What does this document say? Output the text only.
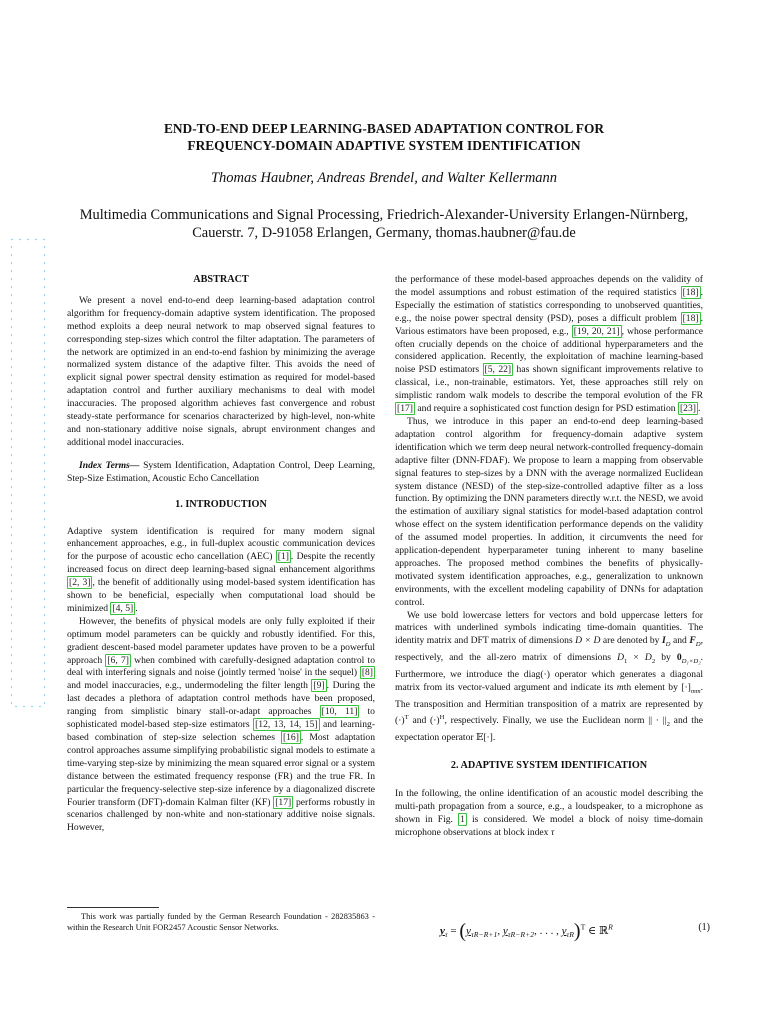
END-TO-END DEEP LEARNING-BASED ADAPTATION CONTROL FOR
FREQUENCY-DOMAIN ADAPTIVE SYSTEM IDENTIFICATION
Thomas Haubner, Andreas Brendel, and Walter Kellermann
Multimedia Communications and Signal Processing, Friedrich-Alexander-University Erlangen-Nürnberg,
Cauerstr. 7, D-91058 Erlangen, Germany, thomas.haubner@fau.de
ABSTRACT

We present a novel end-to-end deep learning-based adaptation control algorithm for frequency-domain adaptive system identification. The proposed method exploits a deep neural network to map observed signal features to corresponding step-sizes which control the filter adaptation. The parameters of the network are optimized in an end-to-end fashion by minimizing the average normalized system distance of the adaptive filter. This avoids the need of explicit signal power spectral density estimation as required for model-based adaptation control and further auxiliary mechanisms to deal with model inaccuracies. The proposed algorithm achieves fast convergence and robust steady-state performance for scenarios characterized by high-level, non-white and non-stationary additive noise signals, abrupt environment changes and additional model inaccuracies.

Index Terms— System Identification, Adaptation Control, Deep Learning, Step-Size Estimation, Acoustic Echo Cancellation

1. INTRODUCTION

Adaptive system identification is required for many modern signal enhancement approaches, e.g., in full-duplex acoustic communication devices for the purpose of acoustic echo cancellation (AEC) [1] . Despite the recently increased focus on direct deep learning-based signal enhancement algorithms [2, 3] , the benefit of additionally using model-based system identification has shown to be beneficial, especially when computational load should be minimized [4, 5] .

However, the benefits of physical models are only fully exploited if their optimum model parameters can be quickly and robustly identified. For this, gradient descent-based model parameter updates have proven to be a powerful approach [6, 7] when combined with carefully-designed adaptation control to deal with interfering signals and noise (jointly termed 'noise' in the sequel) [8] and model inaccuracies, e.g., undermodeling the filter length [9] . During the last decades a plethora of adaptation control methods have been proposed, ranging from simplistic binary stall-or-adapt approaches [10, 11] to sophisticated model-based step-size estimators [12, 13, 14, 15] and learning-based combination of step-size selection schemes [16] . Most adaptation control approaches assume simplifying probabilistic signal models to estimate a time-varying step-size by minimizing the mean squared error signal or a system distance between the estimated frequency response (FR) and the true FR. In particular the frequency-selective step-size inference by a diagonalized discrete Fourier transform (DFT)-domain Kalman filter (KF) [17] performs robustly in scenarios challenged by non-white and non-stationary additive noise signals. However,

This work was partially funded by the German Research Foundation - 282835863 - within the Research Unit FOR2457 Acoustic Sensor Networks.

the performance of these model-based approaches depends on the validity of the model assumptions and robust estimation of the required statistics [18] . Especially the estimation of statistics corresponding to unobserved quantities, e.g., the noise power spectral density (PSD), poses a difficult problem [18] . Various estimators have been proposed, e.g., [19, 20, 21] , whose performance often crucially depends on the choice of additional hyperparameters and the considered application. Recently, the exploitation of machine learning-based noise PSD estimators [5, 22] has shown significant improvements relative to classical, i.e., non-trainable, estimators. Yet, these approaches still rely on simplistic random walk models to describe the temporal evolution of the FR [17] and require a sophisticated cost function design for PSD estimation [23] .

Thus, we introduce in this paper an end-to-end deep learning-based adaptation control algorithm for frequency-domain adaptive system identification which we term deep neural network-controlled frequency-domain adaptive filter (DNN-FDAF). We propose to learn a mapping from observable signal features to step-sizes by a DNN with the average normalized Euclidean system distance (NESD) of the step-size-controlled adaptive filter as a loss function. By optimizing the DNN parameters directly w.r.t. the NESD, we avoid the estimation of auxiliary signal statistics for model-based adaptation control whose effect on the system identification performance depends on the validity of the assumed model properties. In addition, it circumvents the need for application-dependent hyperparameter tuning inherent to many baseline approaches. The proposed method combines the benefits of physically-motivated system identification approaches, e.g., generalization to unknown environments, with the excellent modeling capability of DNNs for adaptation control.

We use bold lowercase letters for vectors and bold uppercase letters for matrices with underlined symbols indicating time-domain quantities. The identity matrix and DFT matrix of dimensions D × D are denoted by $I_D$ and $F_D$, respectively, and the all-zero matrix of dimensions $D_1 \times D_2$ by $0_{D_1\times D_2}$. Furthermore, we introduce the diag(·) operator which generates a diagonal matrix from its vector-valued argument and indicate its mth element by $[\cdot]_{mm}$. The transposition and Hermitian transposition of a matrix are represented by $(\cdot)^T$ and $(\cdot)^H$, respectively. Finally, we use the Euclidean norm || · $||_2$ and the expectation operator 𝔼[·].

2. ADAPTIVE SYSTEM IDENTIFICATION

In the following, the online identification of an acoustic model describing the multi-path propagation from a source, e.g., a loudspeaker, to a microphone as shown in Fig. 1 is considered. We model a block of noisy time-domain microphone observations at block index τ

$y_\tau = (y_{\tau R-R+1}$, $y_{\tau R-R+2}$, . . . , $y_{\tau R})^T$ ∈ ℝ$^R$	(1)
